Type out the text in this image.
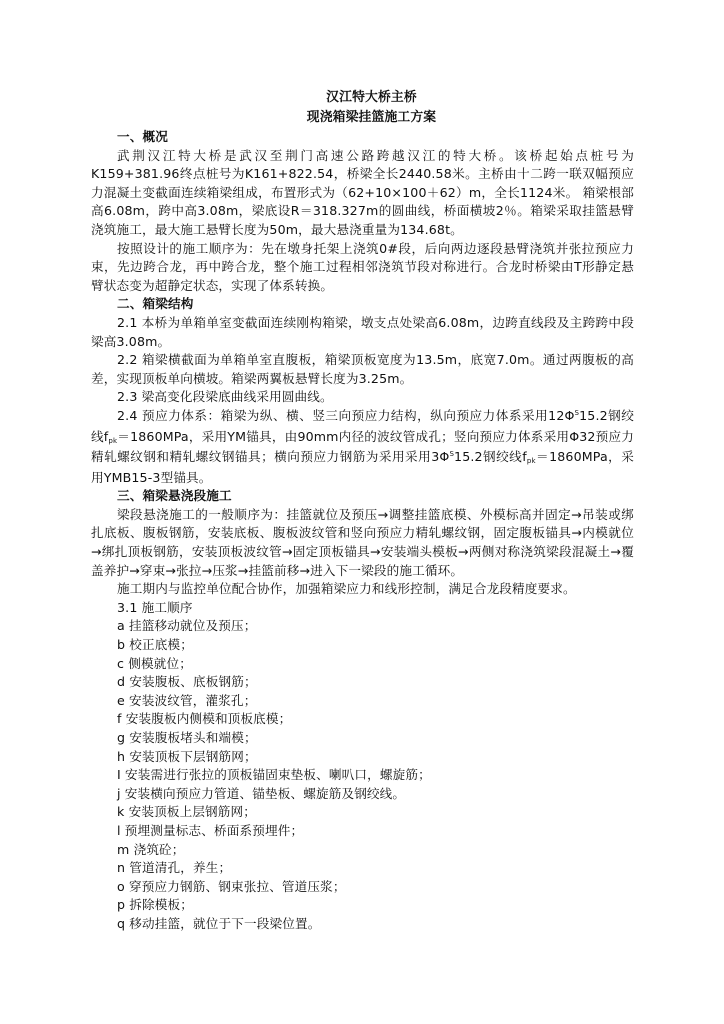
汉江特大桥主桥
现浇箱梁挂篮施工方案
一、概况

武荆汉江特大桥是武汉至荆门高速公路跨越汉江的特大桥。该桥起始点桩号为K159+381.96终点桩号为K161+822.54，桥梁全长2440.58米。主桥由十二跨一联双幅预应力混凝土变截面连续箱梁组成，布置形式为（62+10×100＋62）m，全长1124米。 箱梁根部高6.08m，跨中高3.08m，梁底设R＝318.327m的圆曲线，桥面横坡2％。箱梁采取挂篮悬臂浇筑施工，最大施工悬臂长度为50m，最大悬浇重量为134.68t。

按照设计的施工顺序为：先在墩身托架上浇筑0#段，后向两边逐段悬臂浇筑并张拉预应力束，先边跨合龙，再中跨合龙，整个施工过程相邻浇筑节段对称进行。合龙时桥梁由T形静定悬臂状态变为超静定状态，实现了体系转换。

二、箱梁结构

2.1 本桥为单箱单室变截面连续刚构箱梁，墩支点处梁高6.08m，边跨直线段及主跨跨中段梁高3.08m。

2.2 箱梁横截面为单箱单室直腹板，箱梁顶板宽度为13.5m，底宽7.0m。通过两腹板的高差，实现顶板单向横坡。箱梁两翼板悬臂长度为3.25m。

2.3 梁高变化段梁底曲线采用圆曲线。

2.4 预应力体系：箱梁为纵、横、竖三向预应力结构，纵向预应力体系采用$12\Phi^S15.2$钢绞线fpk＝1860MPa，采用YM锚具，由90mm内径的波纹管成孔；竖向预应力体系采用Φ32预应力精轧螺纹钢和精轧螺纹钢锚具；横向预应力钢筋为采用采用$3\Phi^S15.2$钢绞线fpk＝1860MPa，采用YMB15-3型锚具。

三、箱梁悬浇段施工

梁段悬浇施工的一般顺序为：挂篮就位及预压→调整挂篮底模、外模标高并固定→吊装或绑扎底板、腹板钢筋，安装底板、腹板波纹管和竖向预应力精轧螺纹钢，固定腹板锚具→内模就位→绑扎顶板钢筋，安装顶板波纹管→固定顶板锚具→安装端头模板→两侧对称浇筑梁段混凝土→覆盖养护→穿束→张拉→压浆→挂篮前移→进入下一梁段的施工循环。

施工期内与监控单位配合协作，加强箱梁应力和线形控制，满足合龙段精度要求。

3.1 施工顺序

a 挂篮移动就位及预压；

b 校正底模；

c 侧模就位；

d 安装腹板、底板钢筋；

e 安装波纹管，灌浆孔；

f 安装腹板内侧模和顶板底模；

g 安装腹板堵头和端模；

h 安装顶板下层钢筋网；

I 安装需进行张拉的顶板锚固束垫板、喇叭口，螺旋筋；

j 安装横向预应力管道、锚垫板、螺旋筋及钢绞线。

k 安装顶板上层钢筋网；

l 预埋测量标志、桥面系预埋件；

m 浇筑砼；

n 管道清孔，养生；

o 穿预应力钢筋、钢束张拉、管道压浆；

p 拆除模板；

q 移动挂篮，就位于下一段梁位置。
